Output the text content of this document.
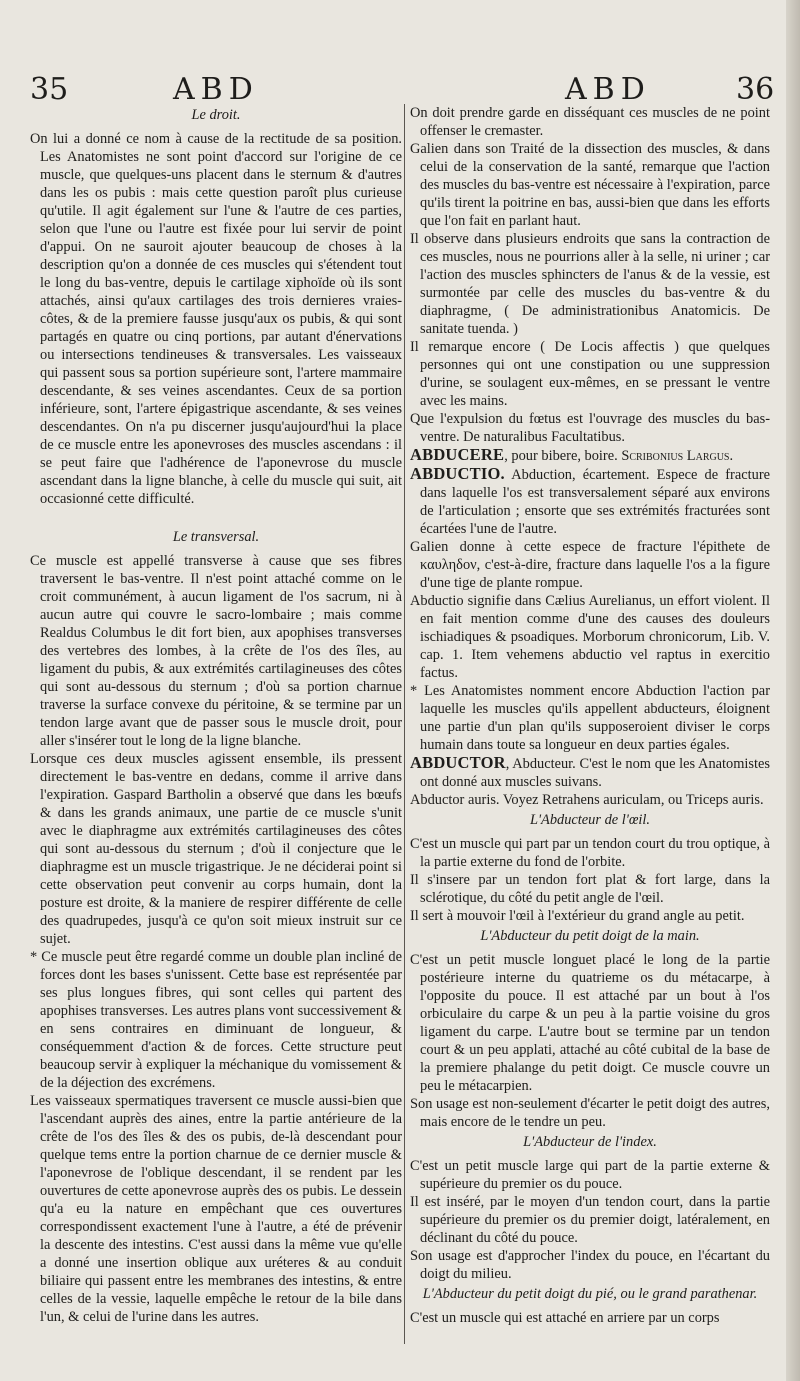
35	ABD	ABD	36
Le droit.

On lui a donné ce nom à cause de la rectitude de sa position. Les Anatomistes ne sont point d'accord sur l'origine de ce muscle, que quelques-uns placent dans le sternum & d'autres dans les os pubis : mais cette question paroît plus curieuse qu'utile. Il agit également sur l'une & l'autre de ces parties, selon que l'une ou l'autre est fixée pour lui servir de point d'appui. On ne sauroit ajouter beaucoup de choses à la description qu'on a donnée de ces muscles qui s'étendent tout le long du bas-ventre, depuis le cartilage xiphoïde où ils sont attachés, ainsi qu'aux cartilages des trois dernieres vraies-côtes, & de la premiere fausse jusqu'aux os pubis, & qui sont partagés en quatre ou cinq portions, par autant d'énervations ou intersections tendineuses & transversales. Les vaisseaux qui passent sous sa portion supérieure sont, l'artere mammaire descendante, & ses veines ascendantes. Ceux de sa portion inférieure, sont, l'artere épigastrique ascendante, & ses veines descendantes. On n'a pu discerner jusqu'aujourd'hui la place de ce muscle entre les aponevroses des muscles ascendans : il se peut faire que l'adhérence de l'aponevrose du muscle ascendant dans la ligne blanche, à celle du muscle qui suit, ait occasionné cette difficulté.

Le transversal.

Ce muscle est appellé transverse à cause que ses fibres traversent le bas-ventre. Il n'est point attaché comme on le croit communément, à aucun ligament de l'os sacrum, ni à aucun autre qui couvre le sacro-lombaire ; mais comme Realdus Columbus le dit fort bien, aux apophises transverses des vertebres des lombes, à la crête de l'os des îles, au ligament du pubis, & aux extrémités cartilagineuses des côtes qui sont au-dessous du sternum ; d'où sa portion charnue traverse la surface convexe du péritoine, & se termine par un tendon large avant que de passer sous le muscle droit, pour aller s'insérer tout le long de la ligne blanche.

Lorsque ces deux muscles agissent ensemble, ils pressent directement le bas-ventre en dedans, comme il arrive dans l'expiration. Gaspard Bartholin a observé que dans les bœufs & dans les grands animaux, une partie de ce muscle s'unit avec le diaphragme aux extrémités cartilagineuses des côtes qui sont au-dessous du sternum ; d'où il conjecture que le diaphragme est un muscle trigastrique. Je ne déciderai point si cette observation peut convenir au corps humain, dont la posture est droite, & la maniere de respirer différente de celle des quadrupedes, jusqu'à ce qu'on soit mieux instruit sur ce sujet.

* Ce muscle peut être regardé comme un double plan incliné de forces dont les bases s'unissent. Cette base est représentée par ses plus longues fibres, qui sont celles qui partent des apophises transverses. Les autres plans vont successivement & en sens contraires en diminuant de longueur, & conséquemment d'action & de forces. Cette structure peut beaucoup servir à expliquer la méchanique du vomissement & de la déjection des excrémens.

Les vaisseaux spermatiques traversent ce muscle aussi-bien que l'ascendant auprès des aines, entre la partie antérieure de la crête de l'os des îles & des os pubis, de-là descendant pour quelque tems entre la portion charnue de ce dernier muscle & l'aponevrose de l'oblique descendant, il se rendent par les ouvertures de cette aponevrose auprès des os pubis. Le dessein qu'a eu la nature en empêchant que ces ouvertures correspondissent exactement l'une à l'autre, a été de prévenir la descente des intestins. C'est aussi dans la même vue qu'elle a donné une insertion oblique aux uréteres & au conduit biliaire qui passent entre les membranes des intestins, & entre celles de la vessie, laquelle empêche le retour de la bile dans l'un, & celui de l'urine dans les autres.

On doit prendre garde en disséquant ces muscles de ne point offenser le cremaster.

Galien dans son Traité de la dissection des muscles, & dans celui de la conservation de la santé, remarque que l'action des muscles du bas-ventre est nécessaire à l'expiration, parce qu'ils tirent la poitrine en bas, aussi-bien que dans les efforts que l'on fait en parlant haut.

Il observe dans plusieurs endroits que sans la contraction de ces muscles, nous ne pourrions aller à la selle, ni uriner ; car l'action des muscles sphincters de l'anus & de la vessie, est surmontée par celle des muscles du bas-ventre & du diaphragme, ( De administrationibus Anatomicis. De sanitate tuenda. )

Il remarque encore ( De Locis affectis ) que quelques personnes qui ont une constipation ou une suppression d'urine, se soulagent eux-mêmes, en se pressant le ventre avec les mains.

Que l'expulsion du fœtus est l'ouvrage des muscles du bas-ventre. De naturalibus Facultatibus.

ABDUCERE, pour bibere, boire. Scribonius Largus.

ABDUCTIO. Abduction, écartement. Espece de fracture dans laquelle l'os est transversalement séparé aux environs de l'articulation ; ensorte que ses extrémités fracturées sont écartées l'une de l'autre.

Galien donne à cette espece de fracture l'épithete de καυληδον, c'est-à-dire, fracture dans laquelle l'os a la figure d'une tige de plante rompue.

Abductio signifie dans Cælius Aurelianus, un effort violent. Il en fait mention comme d'une des causes des douleurs ischiadiques & psoadiques. Morborum chronicorum, Lib. V. cap. 1. Item vehemens abductio vel raptus in exercitio factus.

* Les Anatomistes nomment encore Abduction l'action par laquelle les muscles qu'ils appellent abducteurs, éloignent une partie d'un plan qu'ils supposeroient diviser le corps humain dans toute sa longueur en deux parties égales.

ABDUCTOR, Abducteur. C'est le nom que les Anatomistes ont donné aux muscles suivans.

Abductor auris. Voyez Retrahens auriculam, ou Triceps auris.

L'Abducteur de l'œil.

C'est un muscle qui part par un tendon court du trou optique, à la partie externe du fond de l'orbite.

Il s'insere par un tendon fort plat & fort large, dans la sclérotique, du côté du petit angle de l'œil.

Il sert à mouvoir l'œil à l'extérieur du grand angle au petit.

L'Abducteur du petit doigt de la main.

C'est un petit muscle longuet placé le long de la partie postérieure interne du quatrieme os du métacarpe, à l'opposite du pouce. Il est attaché par un bout à l'os orbiculaire du carpe & un peu à la partie voisine du gros ligament du carpe. L'autre bout se termine par un tendon court & un peu applati, attaché au côté cubital de la base de la premiere phalange du petit doigt. Ce muscle couvre un peu le métacarpien.

Son usage est non-seulement d'écarter le petit doigt des autres, mais encore de le tendre un peu.

L'Abducteur de l'index.

C'est un petit muscle large qui part de la partie externe & supérieure du premier os du pouce.

Il est inséré, par le moyen d'un tendon court, dans la partie supérieure du premier os du premier doigt, latéralement, en déclinant du côté du pouce.

Son usage est d'approcher l'index du pouce, en l'écartant du doigt du milieu.

L'Abducteur du petit doigt du pié, ou le grand parathenar.

C'est un muscle qui est attaché en arriere par un corps
